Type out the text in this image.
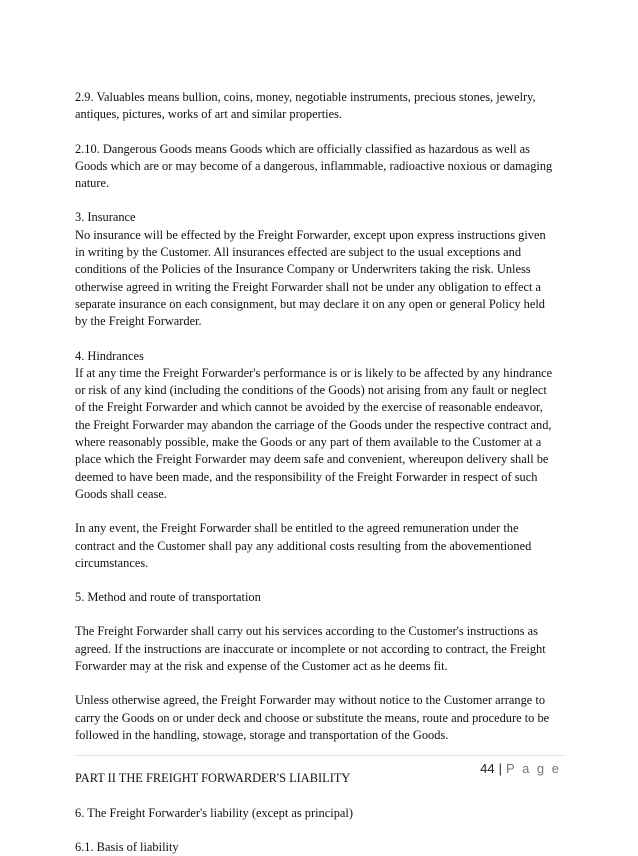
2.9. Valuables means bullion, coins, money, negotiable instruments, precious stones, jewelry,

antiques, pictures, works of art and similar properties.

2.10. Dangerous Goods means Goods which are officially classified as hazardous as well as

Goods which are or may become of a dangerous, inflammable, radioactive noxious or damaging

nature.

3. Insurance

No insurance will be effected by the Freight Forwarder, except upon express instructions given

in writing by the Customer. All insurances effected are subject to the usual exceptions and

conditions of the Policies of the Insurance Company or Underwriters taking the risk. Unless

otherwise agreed in writing the Freight Forwarder shall not be under any obligation to effect a

separate insurance on each consignment, but may declare it on any open or general Policy held

by the Freight Forwarder.

4. Hindrances

If at any time the Freight Forwarder's performance is or is likely to be affected by any hindrance

or risk of any kind (including the conditions of the Goods) not arising from any fault or neglect

of the Freight Forwarder and which cannot be avoided by the exercise of reasonable endeavor,

the Freight Forwarder may abandon the carriage of the Goods under the respective contract and,

where reasonably possible, make the Goods or any part of them available to the Customer at a

place which the Freight Forwarder may deem safe and convenient, whereupon delivery shall be

deemed to have been made, and the responsibility of the Freight Forwarder in respect of such

Goods shall cease.

In any event, the Freight Forwarder shall be entitled to the agreed remuneration under the

contract and the Customer shall pay any additional costs resulting from the abovementioned

circumstances.

5. Method and route of transportation

The Freight Forwarder shall carry out his services according to the Customer's instructions as

agreed. If the instructions are inaccurate or incomplete or not according to contract, the Freight

Forwarder may at the risk and expense of the Customer act as he deems fit.

Unless otherwise agreed, the Freight Forwarder may without notice to the Customer arrange to

carry the Goods on or under deck and choose or substitute the means, route and procedure to be

followed in the handling, stowage, storage and transportation of the Goods.

PART II THE FREIGHT FORWARDER'S LIABILITY

6. The Freight Forwarder's liability (except as principal)

6.1. Basis of liability

44 | P a g e
